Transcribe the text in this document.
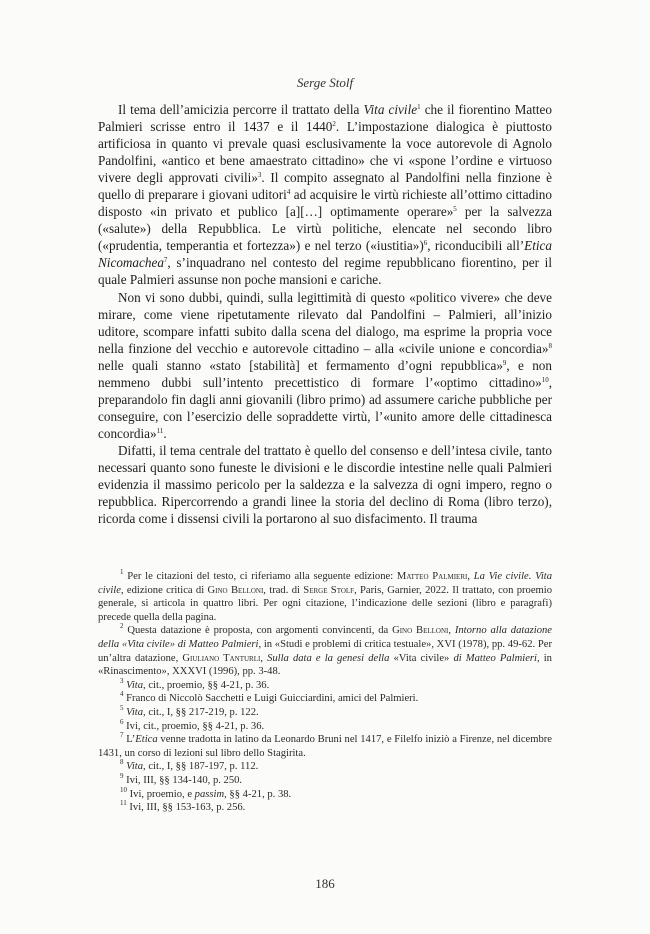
Serge Stolf

Il tema dell’amicizia percorre il trattato della Vita civile$^1$ che il fiorentino Matteo Palmieri scrisse entro il 1437 e il 1440$^2$. L’impostazione dialogica è piuttosto artificiosa in quanto vi prevale quasi esclusivamente la voce autorevole di Agnolo Pandolfini, «antico et bene amaestrato cittadino» che vi «spone l’ordine e virtuoso vivere degli approvati civili»$^3$. Il compito assegnato al Pandolfini nella finzione è quello di preparare i giovani uditori$^4$ ad acquisire le virtù richieste all’ottimo cittadino disposto «in privato et publico [a][…] optimamente operare»$^5$ per la salvezza («salute») della Repubblica. Le virtù politiche, elencate nel secondo libro («prudentia, temperantia et fortezza») e nel terzo («iustitia»)$^6$, riconducibili all’Etica Nicomachea$^7$, s’inquadrano nel contesto del regime repubblicano fiorentino, per il quale Palmieri assunse non poche mansioni e cariche.

Non vi sono dubbi, quindi, sulla legittimità di questo «politico vivere» che deve mirare, come viene ripetutamente rilevato dal Pandolfini – Palmieri, all’inizio uditore, scompare infatti subito dalla scena del dialogo, ma esprime la propria voce nella finzione del vecchio e autorevole cittadino – alla «civile unione e concordia»$^8$ nelle quali stanno «stato [stabilità] et fermamento d’ogni repubblica»$^9$, e non nemmeno dubbi sull’intento precettistico di formare l’«optimo cittadino»$^{10}$, preparandolo fin dagli anni giovanili (libro primo) ad assumere cariche pubbliche per conseguire, con l’esercizio delle sopraddette virtù, l’«unito amore delle cittadinesca concordia»$^{11}$.

Difatti, il tema centrale del trattato è quello del consenso e dell’intesa civile, tanto necessari quanto sono funeste le divisioni e le discordie intestine nelle quali Palmieri evidenzia il massimo pericolo per la saldezza e la salvezza di ogni impero, regno o repubblica. Ripercorrendo a grandi linee la storia del declino di Roma (libro terzo), ricorda come i dissensi civili la portarono al suo disfacimento. Il trauma

$^1$ Per le citazioni del testo, ci riferiamo alla seguente edizione: Matteo Palmieri, La Vie civile. Vita civile, edizione critica di Gino Belloni, trad. di Serge Stolf, Paris, Garnier, 2022. Il trattato, con proemio generale, si articola in quattro libri. Per ogni citazione, l’indicazione delle sezioni (libro e paragrafi) precede quella della pagina.

$^2$ Questa datazione è proposta, con argomenti convincenti, da Gino Belloni, Intorno alla datazione della «Vita civile» di Matteo Palmieri, in «Studi e problemi di critica testuale», XVI (1978), pp. 49-62. Per un’altra datazione, Giuliano Tanturli, Sulla data e la genesi della «Vita civile» di Matteo Palmieri, in «Rinascimento», XXXVI (1996), pp. 3-48.

$^3$ Vita, cit., proemio, §§ 4-21, p. 36.

$^4$ Franco di Niccolò Sacchetti e Luigi Guicciardini, amici del Palmieri.

$^5$ Vita, cit., I, §§ 217-219, p. 122.

$^6$ Ivi, cit., proemio, §§ 4-21, p. 36.

$^7$ L’Etica venne tradotta in latino da Leonardo Bruni nel 1417, e Filelfo iniziò a Firenze, nel dicembre 1431, un corso di lezioni sul libro dello Stagirita.

$^8$ Vita, cit., I, §§ 187-197, p. 112.

$^9$ Ivi, III, §§ 134-140, p. 250.

$^{10}$ Ivi, proemio, e passim, §§ 4-21, p. 38.

$^{11}$ Ivi, III, §§ 153-163, p. 256.

186
